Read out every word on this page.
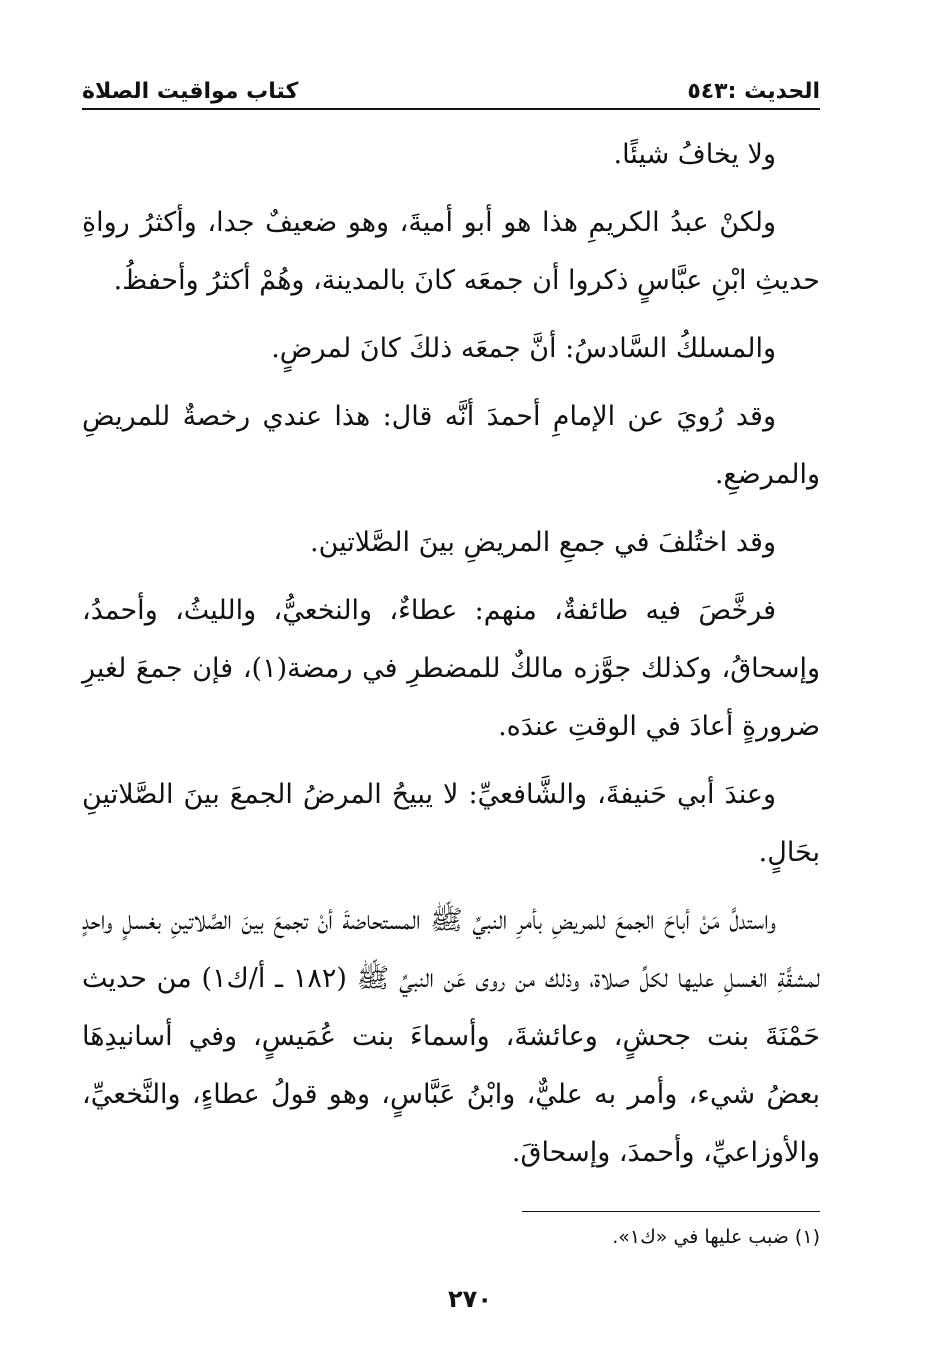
الحديث :٥٤٣
كتاب مواقيت الصلاة

ولا يخافُ شيئًا.

ولكنْ عبدُ الكريمِ هذا هو أبو أميةَ، وهو ضعيفٌ جدا، وأكثرُ رواةِ حديثِ ابْنِ عبَّاسٍ ذكروا أن جمعَه كانَ بالمدينة، وهُمْ أكثرُ وأحفظُ.

والمسلكُ السَّادسُ: أنَّ جمعَه ذلكَ كانَ لمرضٍ.

وقد رُويَ عن الإمامِ أحمدَ أنَّه قال: هذا عندي رخصةٌ للمريضِ والمرضعِ.

وقد اختُلفَ في جمعِ المريضِ بينَ الصَّلاتين.

فرخَّصَ فيه طائفةٌ، منهم: عطاءٌ، والنخعيُّ، والليثُ، وأحمدُ، وإسحاقُ، وكذلك جوَّزه مالكٌ للمضطرِ في رمضة(١)، فإن جمعَ لغيرِ ضرورةٍ أعادَ في الوقتِ عندَه.

وعندَ أبي حَنيفةَ، والشَّافعيِّ: لا يبيحُ المرضُ الجمعَ بينَ الصَّلاتينِ بحَالٍ.

واستدلَّ مَنْ أباحَ الجمعَ للمريضِ بأمرِ النبيِّ ﷺ المستحاضةَ أنْ تجمعَ بينَ الصَّلاتينِ بغسلٍ واحدٍ لمشقَّةِ الغسلِ عليها لكلِّ صلاة، وذلك من روى عَن النبيِّ ﷺ (١٨٢ ـ أ/ك١) من حديث حَمْنَةَ بنت جحشٍ، وعائشةَ، وأسماءَ بنت عُمَيسٍ، وفي أسانيدِهَا بعضُ شيء، وأمر به عليٌّ، وابْنُ عَبَّاسٍ، وهو قولُ عطاءٍ، والنَّخعيِّ، والأوزاعيِّ، وأحمدَ، وإسحاقَ.

(١) ضبب عليها في «ك١».
٢٧٠
